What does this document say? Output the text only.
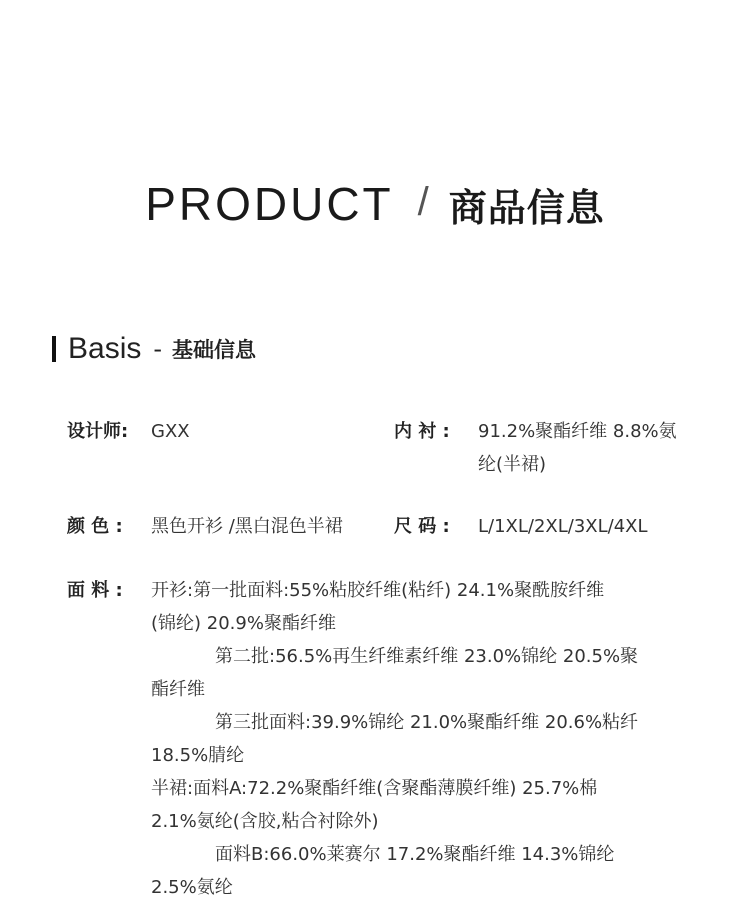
PRODUCT / 商品信息
Basis - 基础信息
设计师: GXX	内 衬 : 91.2%聚酯纤维 8.8%氨
纶(半裙)
颜 色 : 黑色开衫 /黑白混色半裙	尺 码 : L/1XL/2XL/3XL/4XL
面 料 : 开衫:第一批面料:55%粘胶纤维(粘纤) 24.1%聚酰胺纤维
(锦纶) 20.9%聚酯纤维
第二批:56.5%再生纤维素纤维 23.0%锦纶 20.5%聚
酯纤维
第三批面料:39.9%锦纶 21.0%聚酯纤维 20.6%粘纤
18.5%腈纶
半裙:面料A:72.2%聚酯纤维(含聚酯薄膜纤维) 25.7%棉
2.1%氨纶(含胶,粘合衬除外)
面料B:66.0%莱赛尔 17.2%聚酯纤维 14.3%锦纶
2.5%氨纶
